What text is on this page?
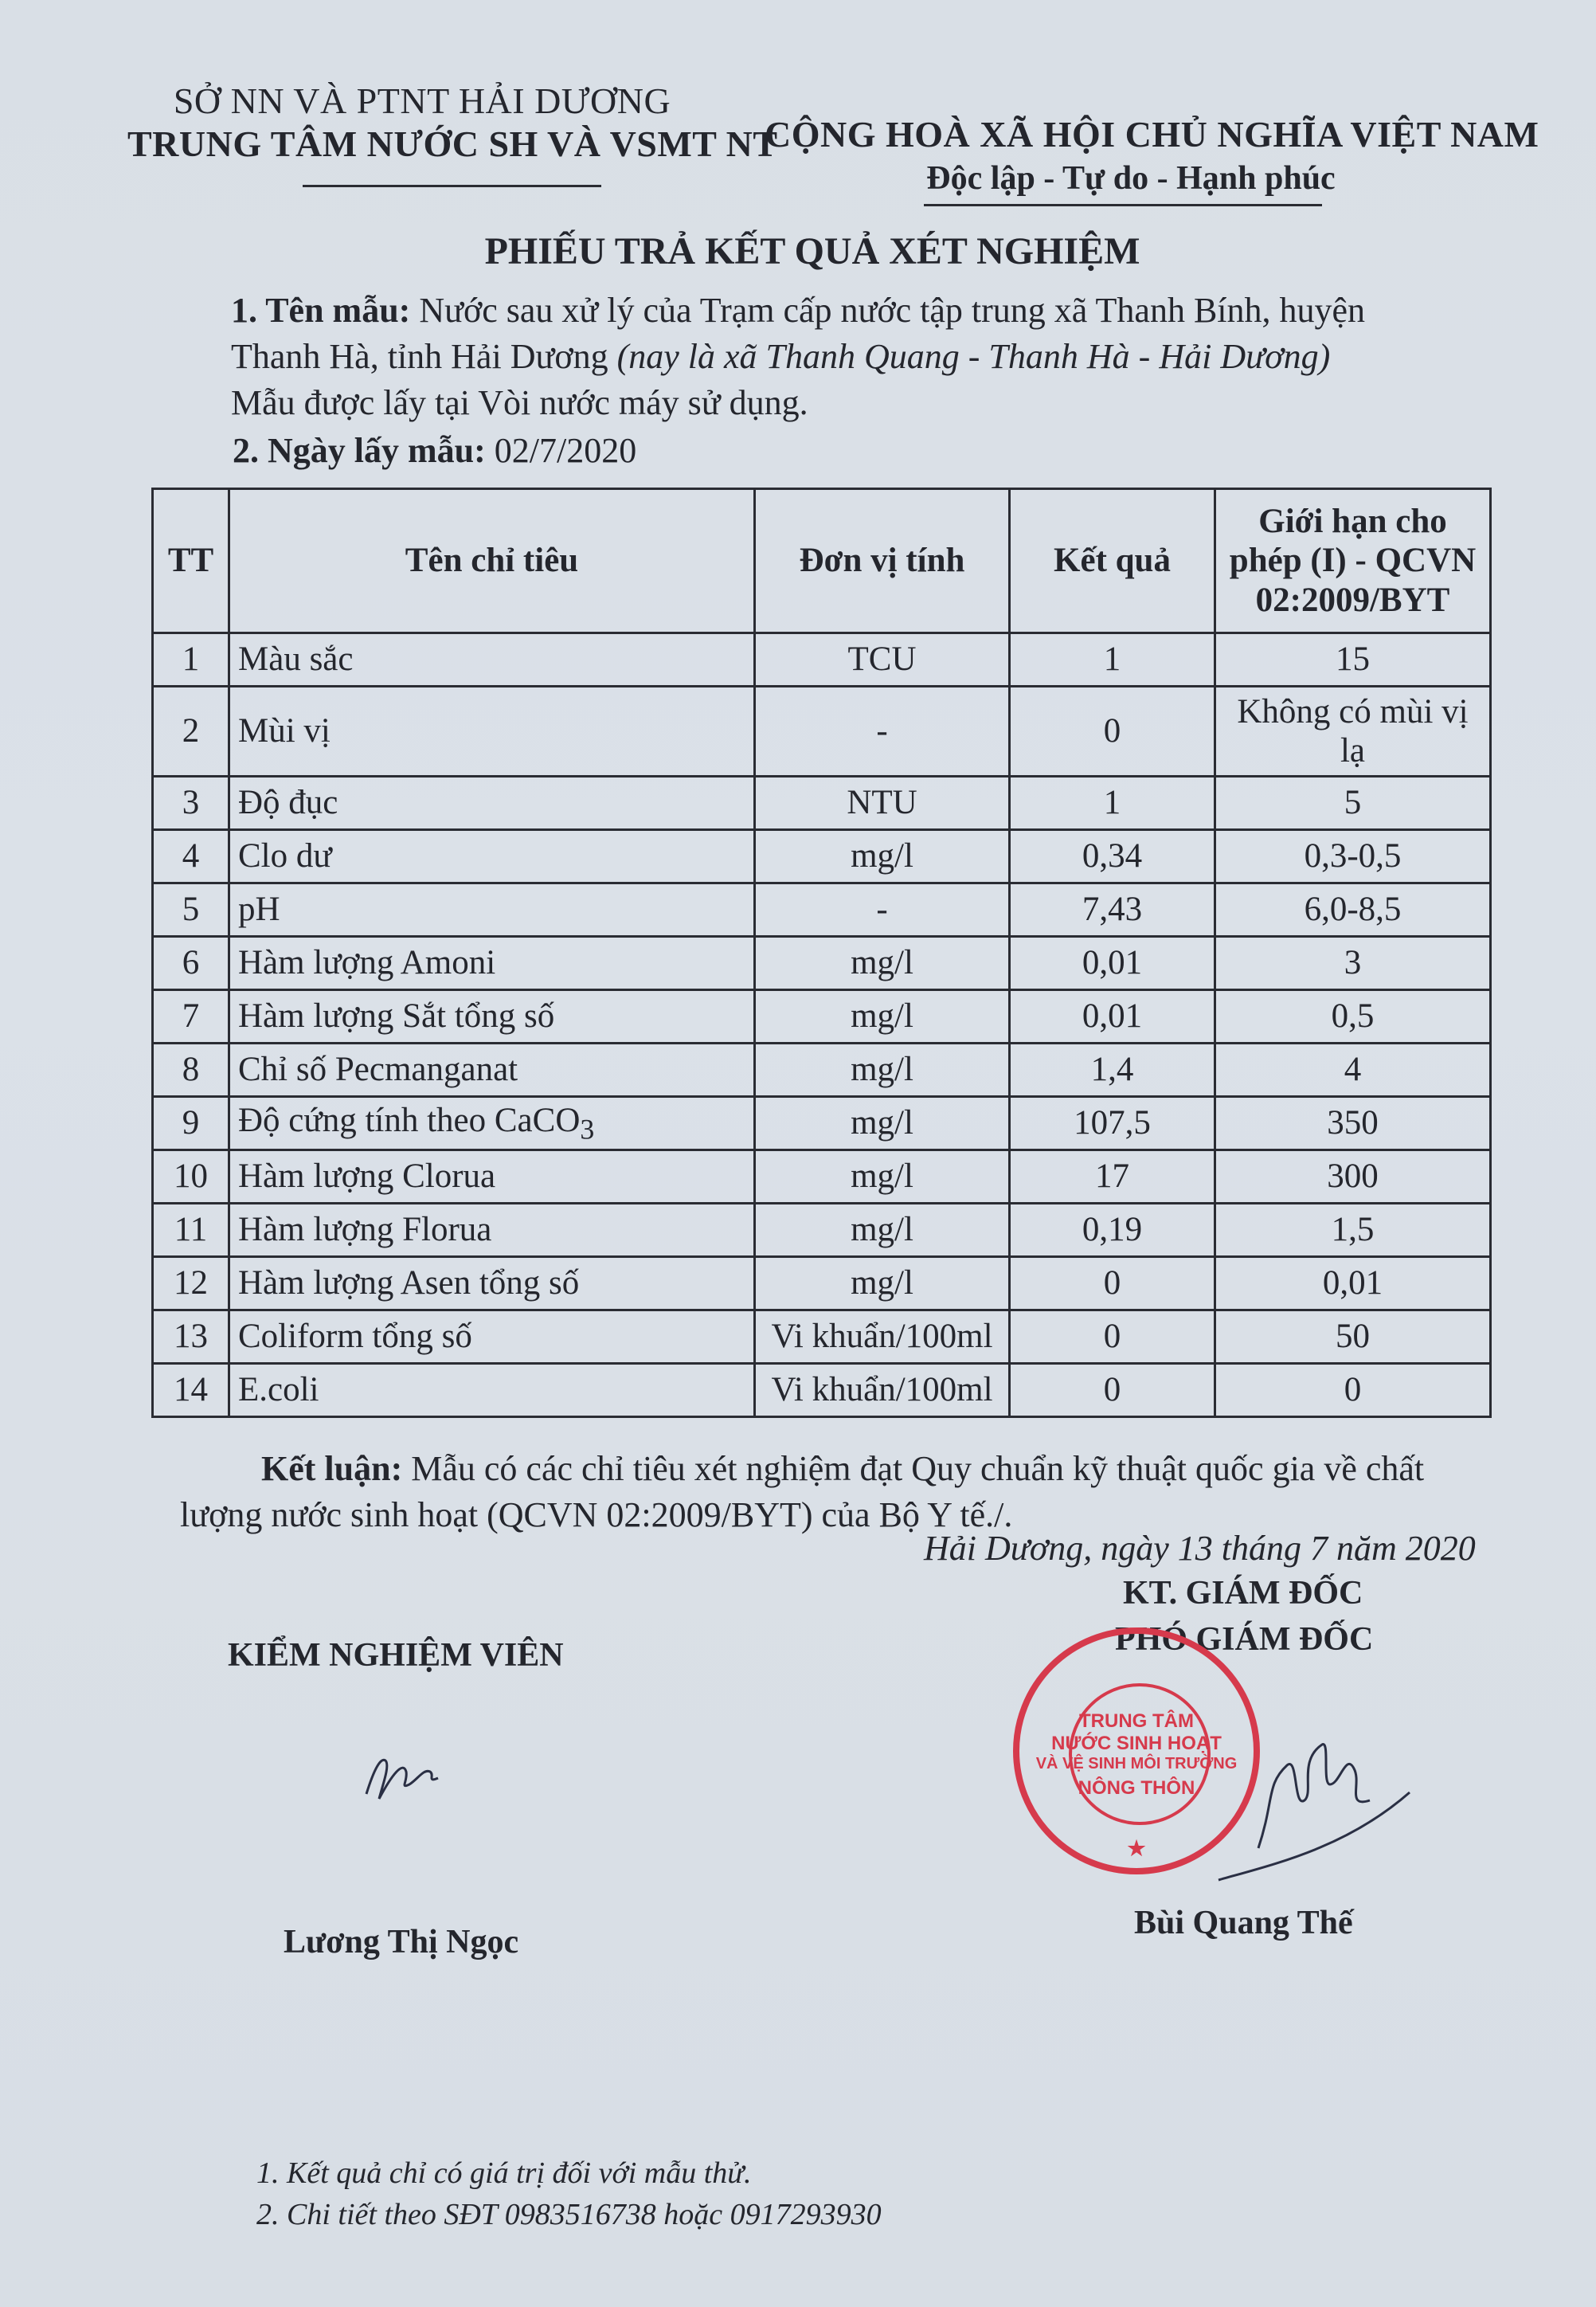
SỞ NN VÀ PTNT HẢI DƯƠNG
TRUNG TÂM NƯỚC SH VÀ VSMT NT
CỘNG HOÀ XÃ HỘI CHỦ NGHĨA VIỆT NAM
Độc lập - Tự do - Hạnh phúc
PHIẾU TRẢ KẾT QUẢ XÉT NGHIỆM
1. Tên mẫu: Nước sau xử lý của Trạm cấp nước tập trung xã Thanh Bính, huyện
Thanh Hà, tỉnh Hải Dương (nay là xã Thanh Quang - Thanh Hà - Hải Dương)
Mẫu được lấy tại Vòi nước máy sử dụng.
2. Ngày lấy mẫu: 02/7/2020
TT	Tên chỉ tiêu	Đơn vị tính	Kết quả	Giới hạn cho phép (I) - QCVN 02:2009/BYT
1	Màu sắc	TCU	1	15
2	Mùi vị	-	0	Không có mùi vị lạ
3	Độ đục	NTU	1	5
4	Clo dư	mg/l	0,34	0,3-0,5
5	pH	-	7,43	6,0-8,5
6	Hàm lượng Amoni	mg/l	0,01	3
7	Hàm lượng Sắt tổng số	mg/l	0,01	0,5
8	Chỉ số Pecmanganat	mg/l	1,4	4
9	Độ cứng tính theo CaCO$_3$	mg/l	107,5	350
10	Hàm lượng Clorua	mg/l	17	300
11	Hàm lượng Florua	mg/l	0,19	1,5
12	Hàm lượng Asen tổng số	mg/l	0	0,01
13	Coliform tổng số	Vi khuẩn/100ml	0	50
14	E.coli	Vi khuẩn/100ml	0	0
Kết luận: Mẫu có các chỉ tiêu xét nghiệm đạt Quy chuẩn kỹ thuật quốc gia về chất
lượng nước sinh hoạt (QCVN 02:2009/BYT) của Bộ Y tế./.
Hải Dương, ngày 13 tháng 7 năm 2020
KT. GIÁM ĐỐC
PHÓ GIÁM ĐỐC
KIỂM NGHIỆM VIÊN
TRUNG TÂM
NƯỚC SINH HOẠT
VÀ VỆ SINH MÔI TRƯỜNG
NÔNG THÔN
★
Lương Thị Ngọc
Bùi Quang Thế
1. Kết quả chỉ có giá trị đối với mẫu thử.
2. Chi tiết theo SĐT 0983516738 hoặc 0917293930
